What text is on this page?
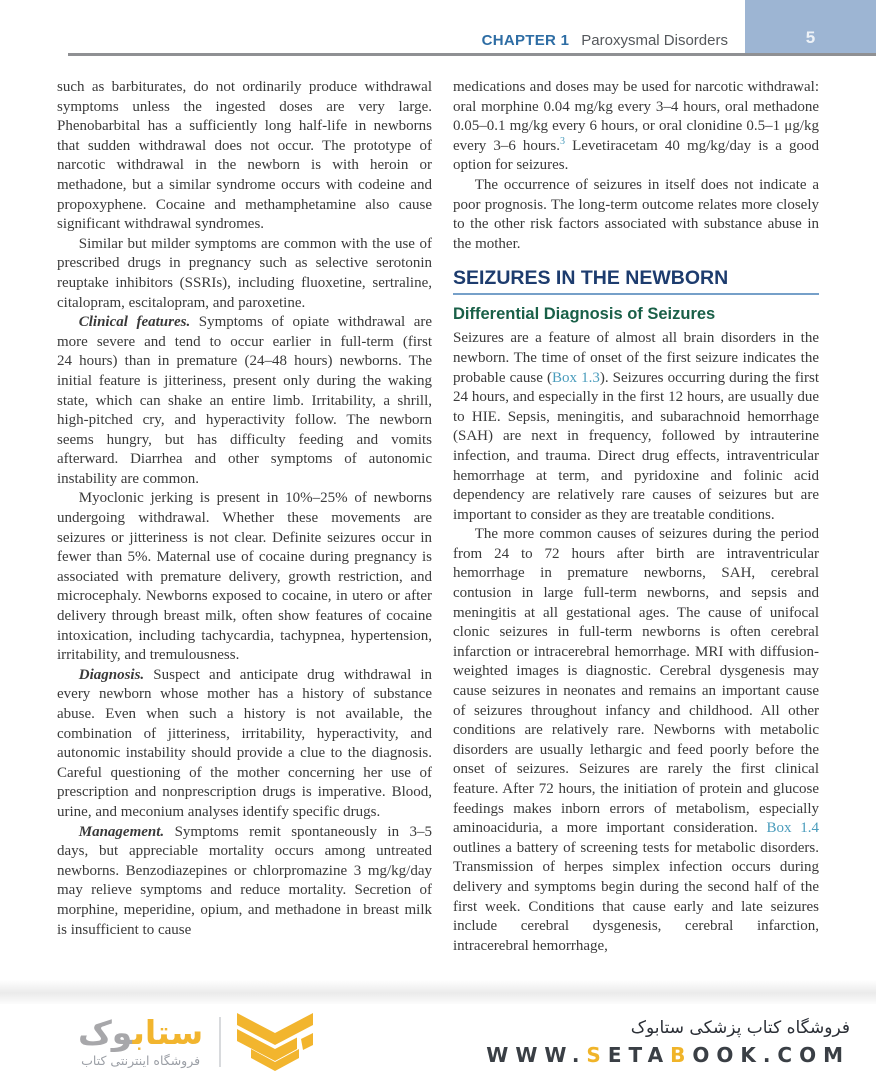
CHAPTER 1 Paroxysmal Disorders	5

such as barbiturates, do not ordinarily produce withdrawal symptoms unless the ingested doses are very large. Phenobarbital has a sufficiently long half-life in newborns that sudden withdrawal does not occur. The prototype of narcotic withdrawal in the newborn is with heroin or methadone, but a similar syndrome occurs with codeine and propoxyphene. Cocaine and methamphetamine also cause significant withdrawal syndromes.

Similar but milder symptoms are common with the use of prescribed drugs in pregnancy such as selective serotonin reuptake inhibitors (SSRIs), including fluoxetine, sertraline, citalopram, escitalopram, and paroxetine.

Clinical features. Symptoms of opiate withdrawal are more severe and tend to occur earlier in full-term (first 24 hours) than in premature (24–48 hours) newborns. The initial feature is jitteriness, present only during the waking state, which can shake an entire limb. Irritability, a shrill, high-pitched cry, and hyperactivity follow. The newborn seems hungry, but has difficulty feeding and vomits afterward. Diarrhea and other symptoms of autonomic instability are common.

Myoclonic jerking is present in 10%–25% of newborns undergoing withdrawal. Whether these movements are seizures or jitteriness is not clear. Definite seizures occur in fewer than 5%. Maternal use of cocaine during pregnancy is associated with premature delivery, growth restriction, and microcephaly. Newborns exposed to cocaine, in utero or after delivery through breast milk, often show features of cocaine intoxication, including tachycardia, tachypnea, hypertension, irritability, and tremulousness.

Diagnosis. Suspect and anticipate drug withdrawal in every newborn whose mother has a history of substance abuse. Even when such a history is not available, the combination of jitteriness, irritability, hyperactivity, and autonomic instability should provide a clue to the diagnosis. Careful questioning of the mother concerning her use of prescription and nonprescription drugs is imperative. Blood, urine, and meconium analyses identify specific drugs.

Management. Symptoms remit spontaneously in 3–5 days, but appreciable mortality occurs among untreated newborns. Benzodiazepines or chlorpromazine 3 mg/kg/day may relieve symptoms and reduce mortality. Secretion of morphine, meperidine, opium, and methadone in breast milk is insufficient to cause

medications and doses may be used for narcotic withdrawal: oral morphine 0.04 mg/kg every 3–4 hours, oral methadone 0.05–0.1 mg/kg every 6 hours, or oral clonidine 0.5–1 μg/kg every 3–6 hours.$^3$ Levetiracetam 40 mg/kg/day is a good option for seizures.

The occurrence of seizures in itself does not indicate a poor prognosis. The long-term outcome relates more closely to the other risk factors associated with substance abuse in the mother.

SEIZURES IN THE NEWBORN
Differential Diagnosis of Seizures

Seizures are a feature of almost all brain disorders in the newborn. The time of onset of the first seizure indicates the probable cause (Box 1.3). Seizures occurring during the first 24 hours, and especially in the first 12 hours, are usually due to HIE. Sepsis, meningitis, and subarachnoid hemorrhage (SAH) are next in frequency, followed by intrauterine infection, and trauma. Direct drug effects, intraventricular hemorrhage at term, and pyridoxine and folinic acid dependency are relatively rare causes of seizures but are important to consider as they are treatable conditions.

The more common causes of seizures during the period from 24 to 72 hours after birth are intraventricular hemorrhage in premature newborns, SAH, cerebral contusion in large full-term newborns, and sepsis and meningitis at all gestational ages. The cause of unifocal clonic seizures in full-term newborns is often cerebral infarction or intracerebral hemorrhage. MRI with diffusion-weighted images is diagnostic. Cerebral dysgenesis may cause seizures in neonates and remains an important cause of seizures throughout infancy and childhood. All other conditions are relatively rare. Newborns with metabolic disorders are usually lethargic and feed poorly before the onset of seizures. Seizures are rarely the first clinical feature. After 72 hours, the initiation of protein and glucose feedings makes inborn errors of metabolism, especially aminoaciduria, a more important consideration. Box 1.4 outlines a battery of screening tests for metabolic disorders. Transmission of herpes simplex infection occurs during delivery and symptoms begin during the second half of the first week. Conditions that cause early and late seizures include cerebral dysgenesis, cerebral infarction, intracerebral hemorrhage,

ستابوک
فروشگاه اینترنتی کتاب
فروشگاه کتاب پزشکی ستابوک
WWW.SETABOOK.COM
